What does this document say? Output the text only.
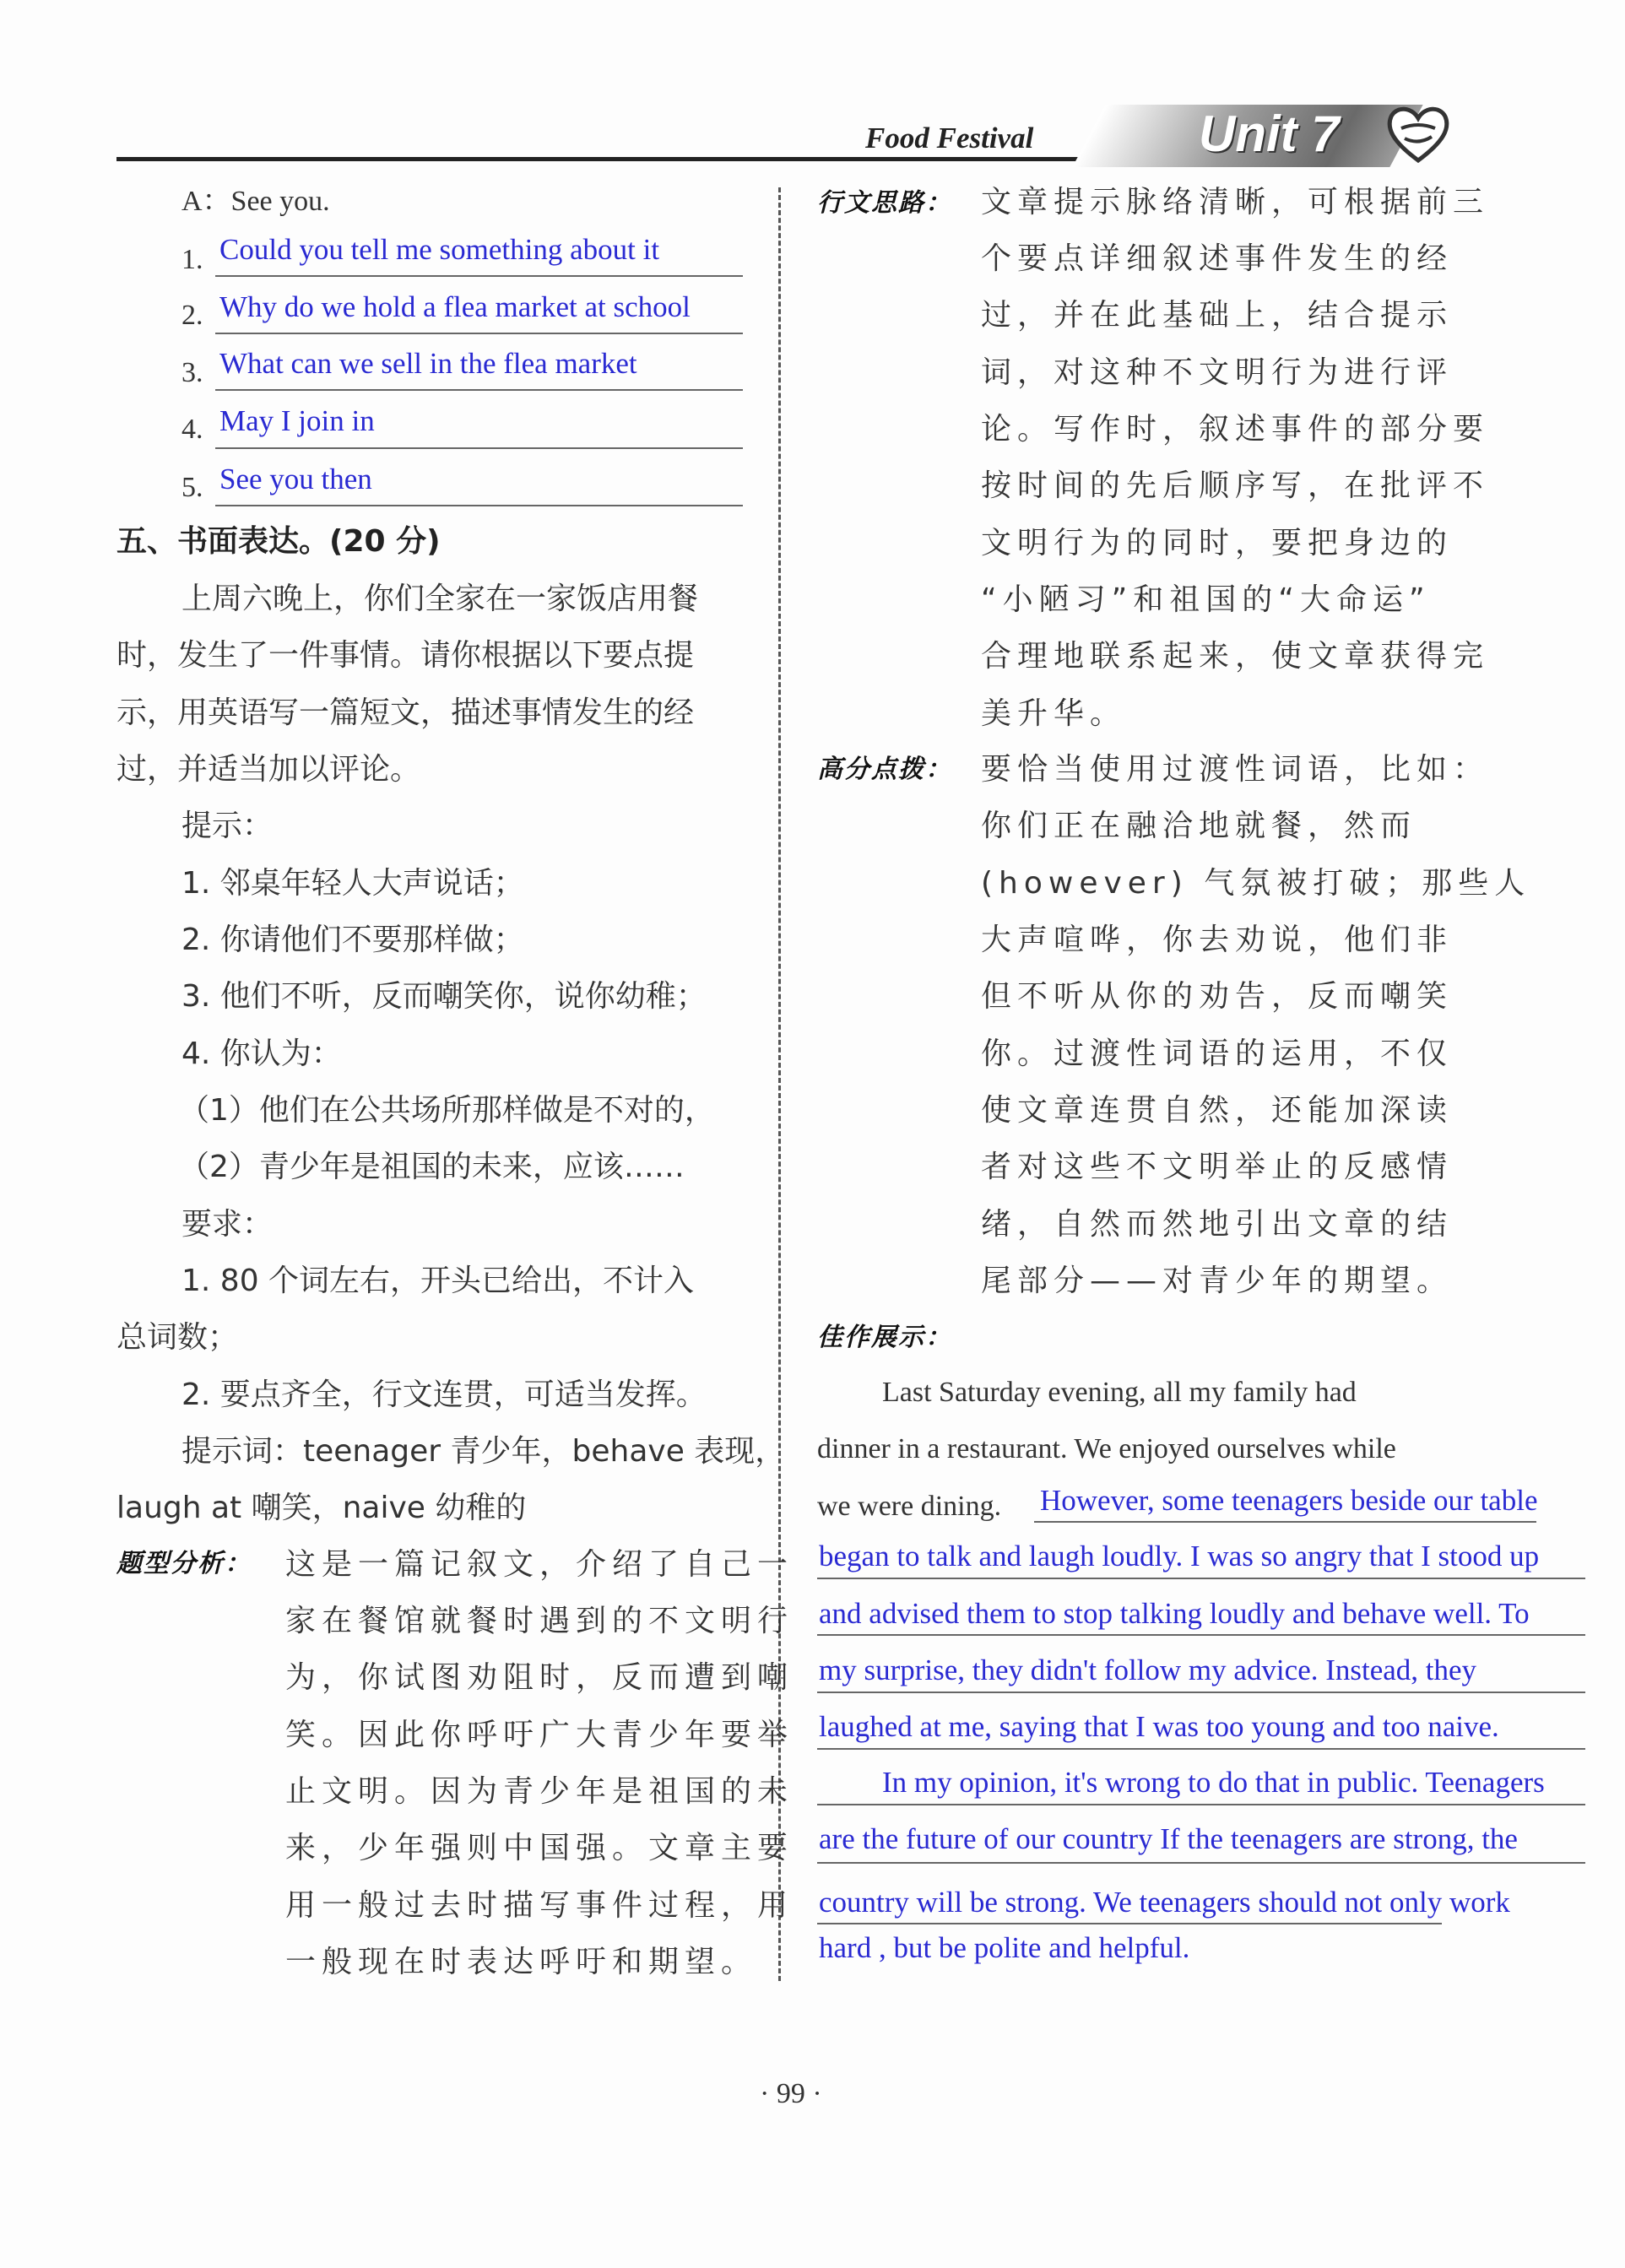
Food Festival	Unit 7
A：See you.
1. Could you tell me something about it
2. Why do we hold a flea market at school
3. What can we sell in the flea market
4. May I join in
5. See you then
五、书面表达。(20 分)
上周六晚上，你们全家在一家饭店用餐
时，发生了一件事情。请你根据以下要点提
示，用英语写一篇短文，描述事情发生的经
过，并适当加以评论。
提示：
1. 邻桌年轻人大声说话；
2. 你请他们不要那样做；
3. 他们不听，反而嘲笑你，说你幼稚；
4. 你认为：
（1）他们在公共场所那样做是不对的，
（2）青少年是祖国的未来，应该……
要求：
1. 80 个词左右，开头已给出，不计入
总词数；
2. 要点齐全，行文连贯，可适当发挥。
提示词：teenager 青少年，behave 表现，
laugh at 嘲笑，naive 幼稚的
题型分析： 这是一篇记叙文，介绍了自己一
家在餐馆就餐时遇到的不文明行
为，你试图劝阻时，反而遭到嘲
笑。因此你呼吁广大青少年要举
止文明。因为青少年是祖国的未
来，少年强则中国强。文章主要
用一般过去时描写事件过程，用
一般现在时表达呼吁和期望。
行文思路： 文章提示脉络清晰，可根据前三
个要点详细叙述事件发生的经
过，并在此基础上，结合提示
词，对这种不文明行为进行评
论。写作时，叙述事件的部分要
按时间的先后顺序写，在批评不
文明行为的同时，要把身边的
“小陋习”和祖国的“大命运”
合理地联系起来，使文章获得完
美升华。
高分点拨： 要恰当使用过渡性词语，比如：
你们正在融洽地就餐，然而
(however) 气氛被打破；那些人
大声喧哗，你去劝说，他们非
但不听从你的劝告，反而嘲笑
你。过渡性词语的运用，不仅
使文章连贯自然，还能加深读
者对这些不文明举止的反感情
绪，自然而然地引出文章的结
尾部分——对青少年的期望。
佳作展示：
Last Saturday evening, all my family had
dinner in a restaurant. We enjoyed ourselves while
we were dining. However, some teenagers beside our table
began to talk and laugh loudly. I was so angry that I stood up
and advised them to stop talking loudly and behave well. To
my surprise, they didn't follow my advice. Instead, they
laughed at me, saying that I was too young and too naive.
In my opinion, it's wrong to do that in public. Teenagers
are the future of our country If the teenagers are strong, the
country will be strong. We teenagers should not only work
hard , but be polite and helpful.
· 99 ·
